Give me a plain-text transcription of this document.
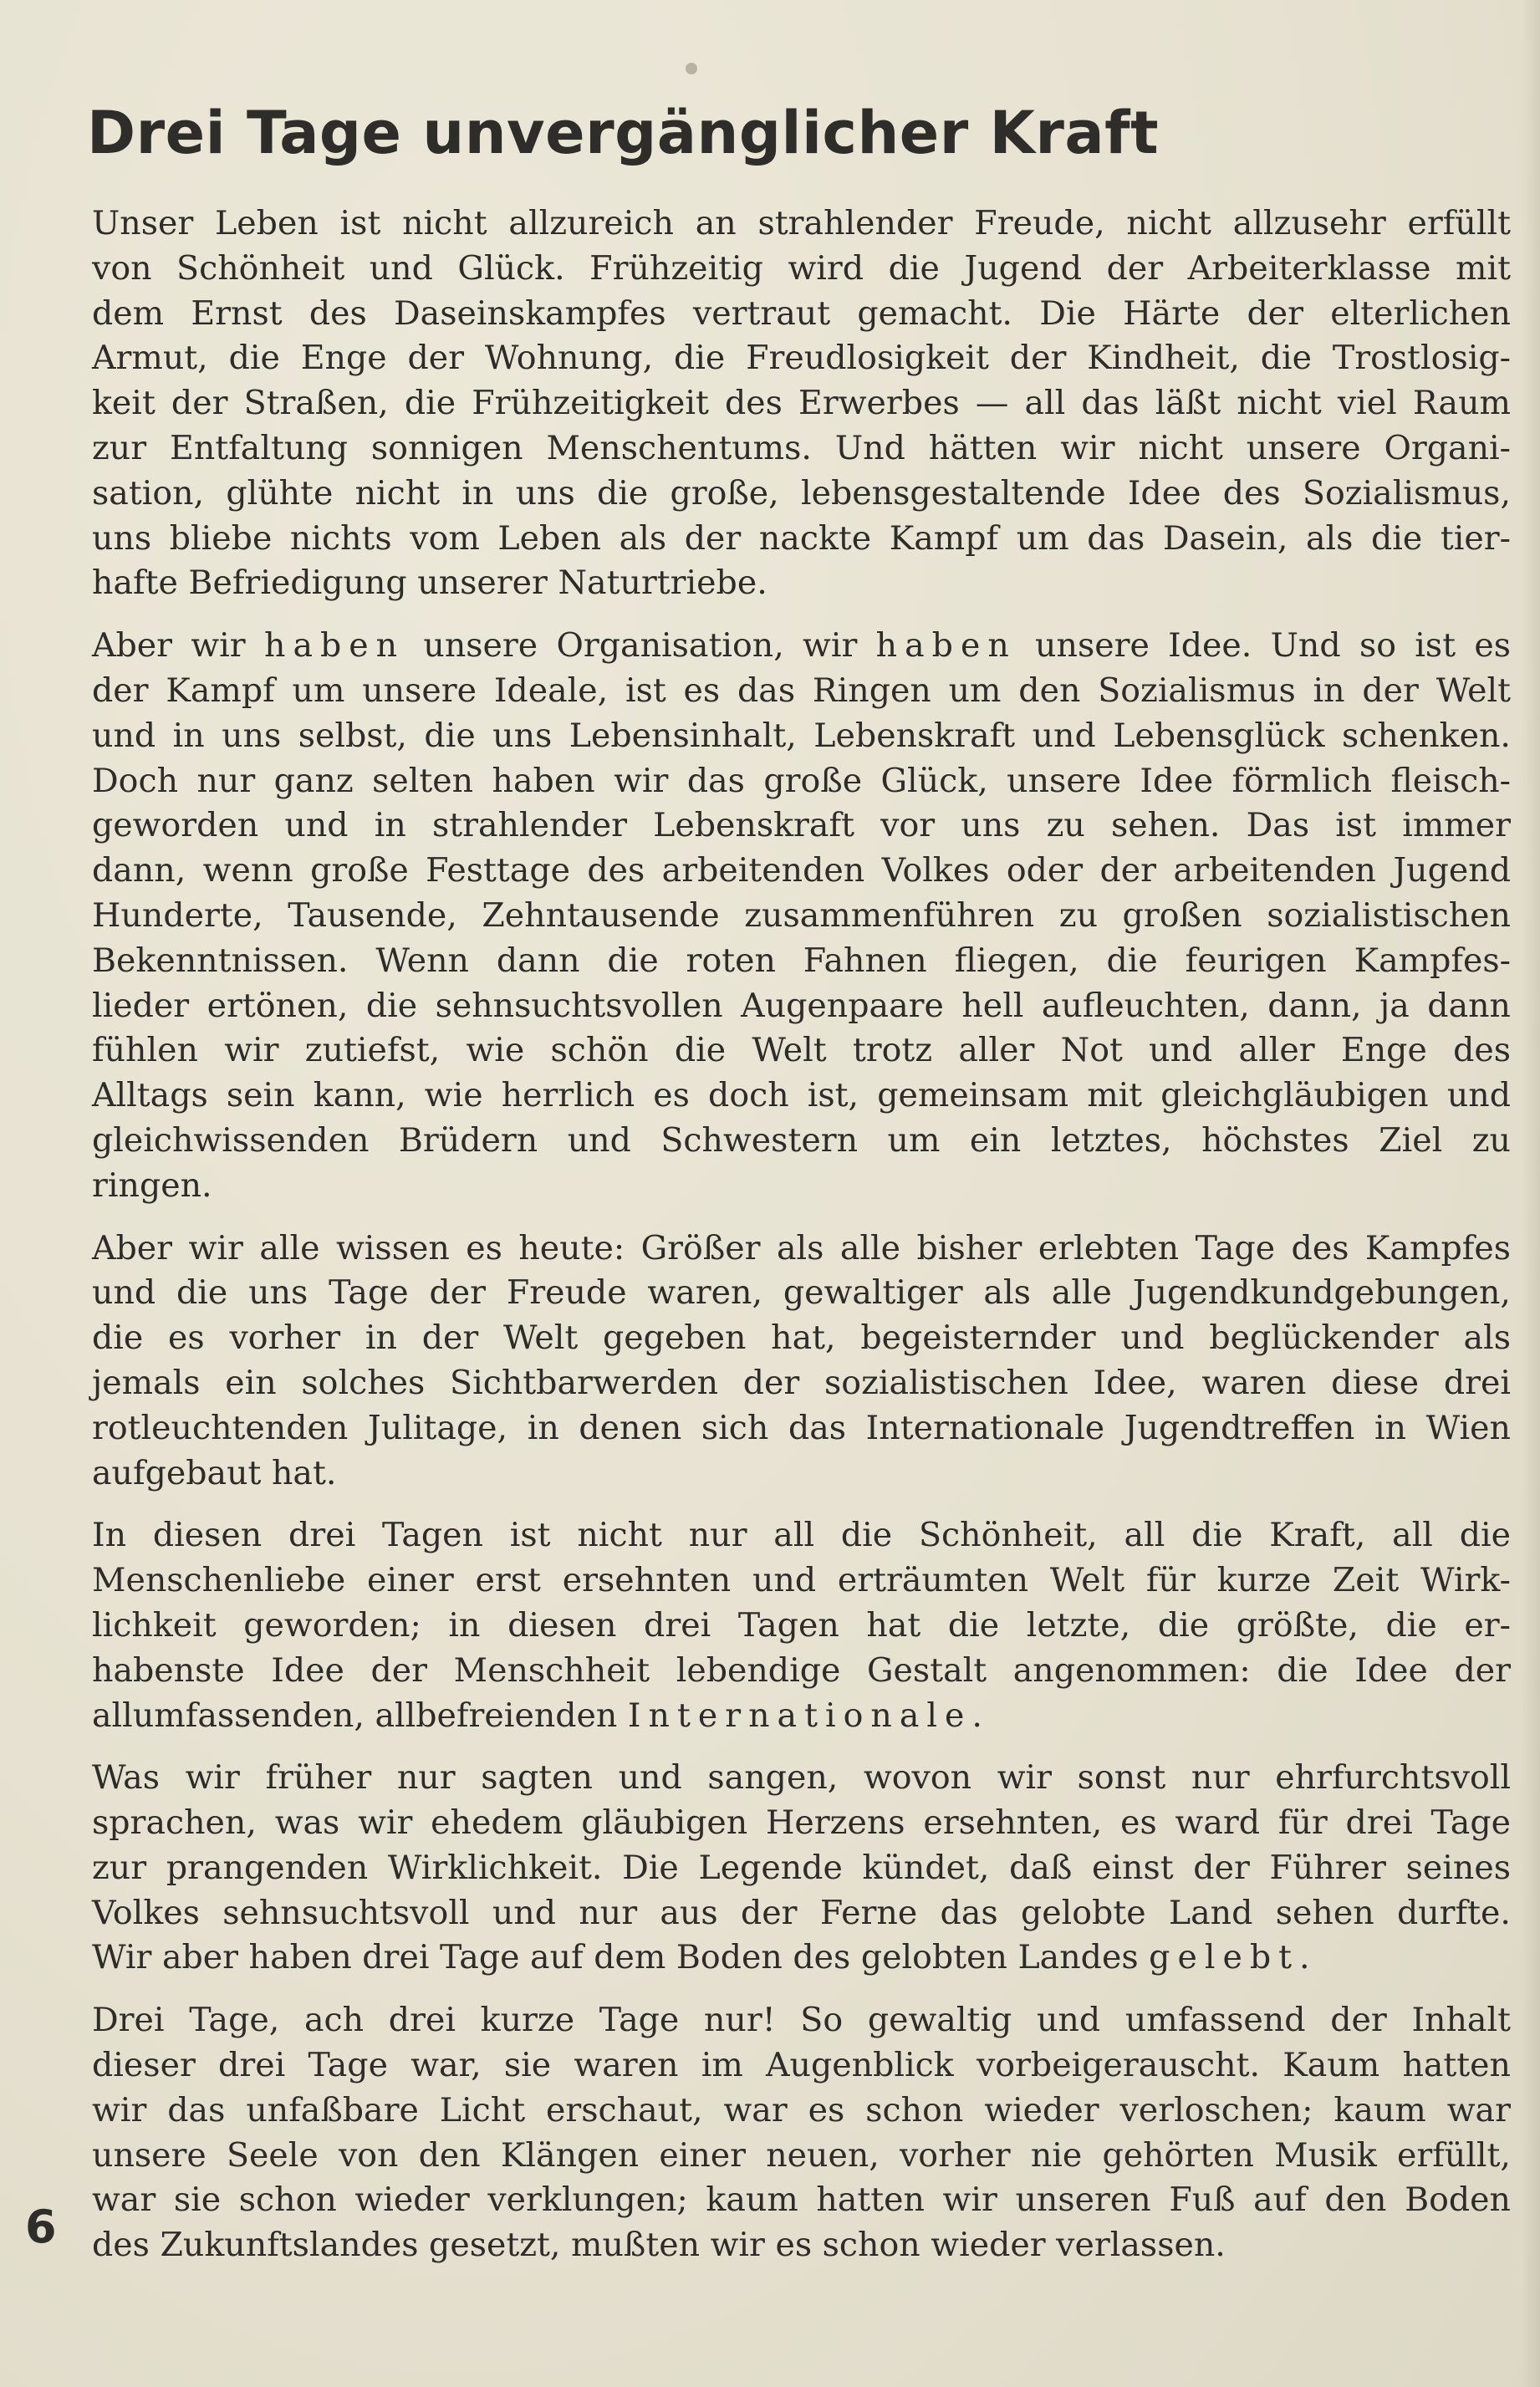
Drei Tage unvergänglicher Kraft

Unser Leben ist nicht allzureich an strahlender Freude, nicht allzusehr erfüllt
von Schönheit und Glück. Frühzeitig wird die Jugend der Arbeiterklasse mit
dem Ernst des Daseinskampfes vertraut gemacht. Die Härte der elterlichen
Armut, die Enge der Wohnung, die Freudlosigkeit der Kindheit, die Trostlosig-
keit der Straßen, die Frühzeitigkeit des Erwerbes — all das läßt nicht viel Raum
zur Entfaltung sonnigen Menschentums. Und hätten wir nicht unsere Organi-
sation, glühte nicht in uns die große, lebensgestaltende Idee des Sozialismus,
uns bliebe nichts vom Leben als der nackte Kampf um das Dasein, als die tier-
hafte Befriedigung unserer Naturtriebe.

Aber wir haben unsere Organisation, wir haben unsere Idee. Und so ist es
der Kampf um unsere Ideale, ist es das Ringen um den Sozialismus in der Welt
und in uns selbst, die uns Lebensinhalt, Lebenskraft und Lebensglück schenken.
Doch nur ganz selten haben wir das große Glück, unsere Idee förmlich fleisch-
geworden und in strahlender Lebenskraft vor uns zu sehen. Das ist immer
dann, wenn große Festtage des arbeitenden Volkes oder der arbeitenden Jugend
Hunderte, Tausende, Zehntausende zusammenführen zu großen sozialistischen
Bekenntnissen. Wenn dann die roten Fahnen fliegen, die feurigen Kampfes-
lieder ertönen, die sehnsuchtsvollen Augenpaare hell aufleuchten, dann, ja dann
fühlen wir zutiefst, wie schön die Welt trotz aller Not und aller Enge des
Alltags sein kann, wie herrlich es doch ist, gemeinsam mit gleichgläubigen und
gleichwissenden Brüdern und Schwestern um ein letztes, höchstes Ziel zu
ringen.

Aber wir alle wissen es heute: Größer als alle bisher erlebten Tage des Kampfes
und die uns Tage der Freude waren, gewaltiger als alle Jugendkundgebungen,
die es vorher in der Welt gegeben hat, begeisternder und beglückender als
jemals ein solches Sichtbarwerden der sozialistischen Idee, waren diese drei
rotleuchtenden Julitage, in denen sich das Internationale Jugendtreffen in Wien
aufgebaut hat.

In diesen drei Tagen ist nicht nur all die Schönheit, all die Kraft, all die
Menschenliebe einer erst ersehnten und erträumten Welt für kurze Zeit Wirk-
lichkeit geworden; in diesen drei Tagen hat die letzte, die größte, die er-
habenste Idee der Menschheit lebendige Gestalt angenommen: die Idee der
allumfassenden, allbefreienden Internationale.

Was wir früher nur sagten und sangen, wovon wir sonst nur ehrfurchtsvoll
sprachen, was wir ehedem gläubigen Herzens ersehnten, es ward für drei Tage
zur prangenden Wirklichkeit. Die Legende kündet, daß einst der Führer seines
Volkes sehnsuchtsvoll und nur aus der Ferne das gelobte Land sehen durfte.
Wir aber haben drei Tage auf dem Boden des gelobten Landes gelebt.

Drei Tage, ach drei kurze Tage nur! So gewaltig und umfassend der Inhalt
dieser drei Tage war, sie waren im Augenblick vorbeigerauscht. Kaum hatten
wir das unfaßbare Licht erschaut, war es schon wieder verloschen; kaum war
unsere Seele von den Klängen einer neuen, vorher nie gehörten Musik erfüllt,
war sie schon wieder verklungen; kaum hatten wir unseren Fuß auf den Boden
des Zukunftslandes gesetzt, mußten wir es schon wieder verlassen.

6
